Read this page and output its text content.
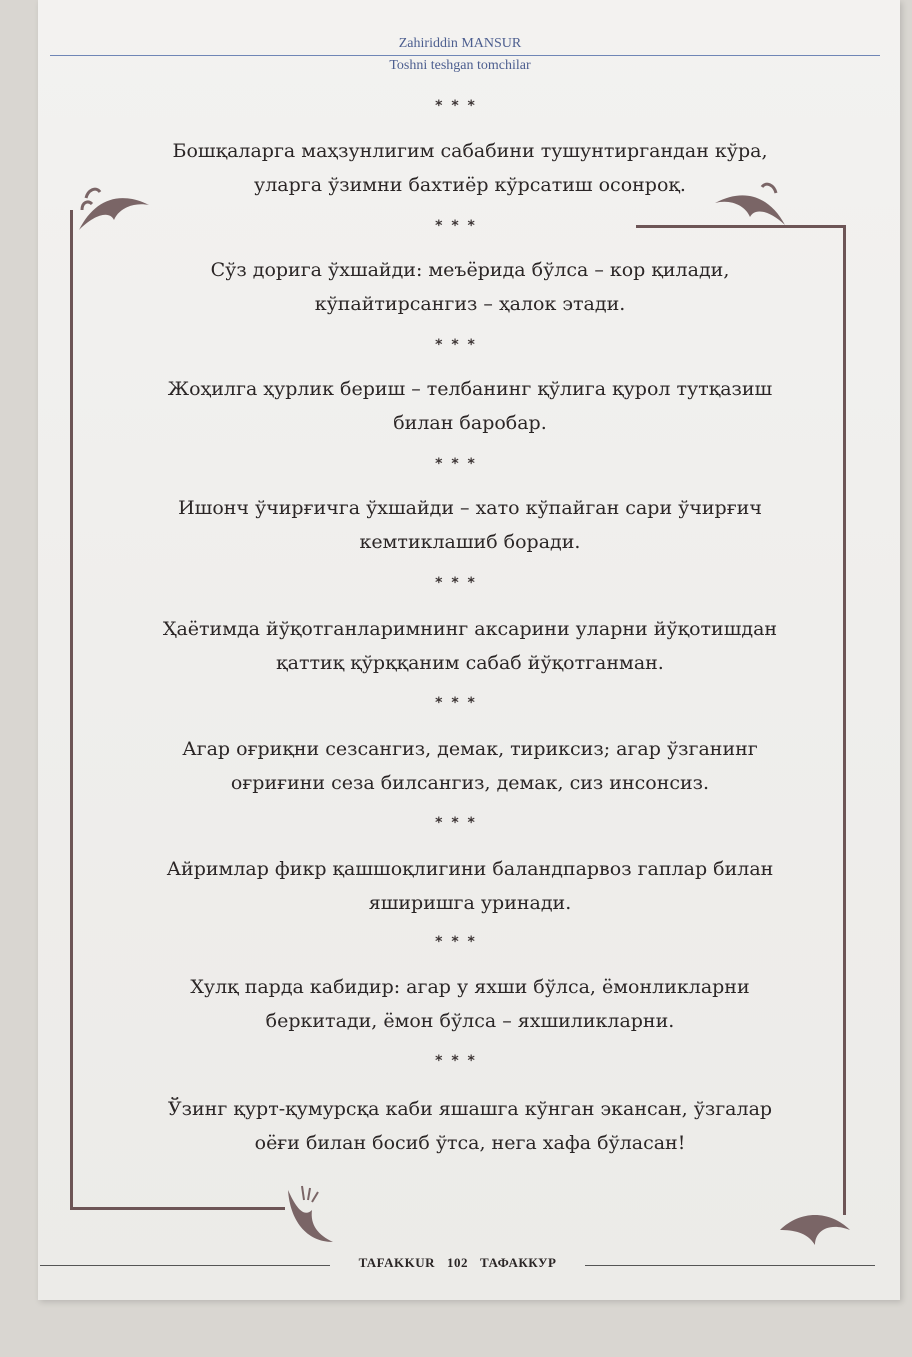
Zahiriddin MANSUR
Toshni teshgan tomchilar
* * *
Бошқаларга маҳзунлигим сабабини тушунтиргандан кўра,
уларга ўзимни бахтиёр кўрсатиш осонроқ.
* * *
Сўз дорига ўхшайди: меъёрида бўлса – кор қилади,
кўпайтирсангиз – ҳалок этади.
* * *
Жоҳилга ҳурлик бериш – телбанинг қўлига қурол тутқазиш
билан баробар.
* * *
Ишонч ўчирғичга ўхшайди – хато кўпайган сари ўчирғич
кемтиклашиб боради.
* * *
Ҳаётимда йўқотганларимнинг аксарини уларни йўқотишдан
қаттиқ қўрққаним сабаб йўқотганман.
* * *
Агар оғриқни сезсангиз, демак, тириксиз; агар ўзганинг
оғриғини сеза билсангиз, демак, сиз инсонсиз.
* * *
Айримлар фикр қашшоқлигини баландпарвоз гаплар билан
яширишга уринади.
* * *
Хулқ парда кабидир: агар у яхши бўлса, ёмонликларни
беркитади, ёмон бўлса – яхшиликларни.
* * *
Ўзинг қурт-қумурсқа каби яшашга кўнган экансан, ўзгалар
оёғи билан босиб ўтса, нега хафа бўласан!
TAFAKKUR 102 ТАФАККУР
